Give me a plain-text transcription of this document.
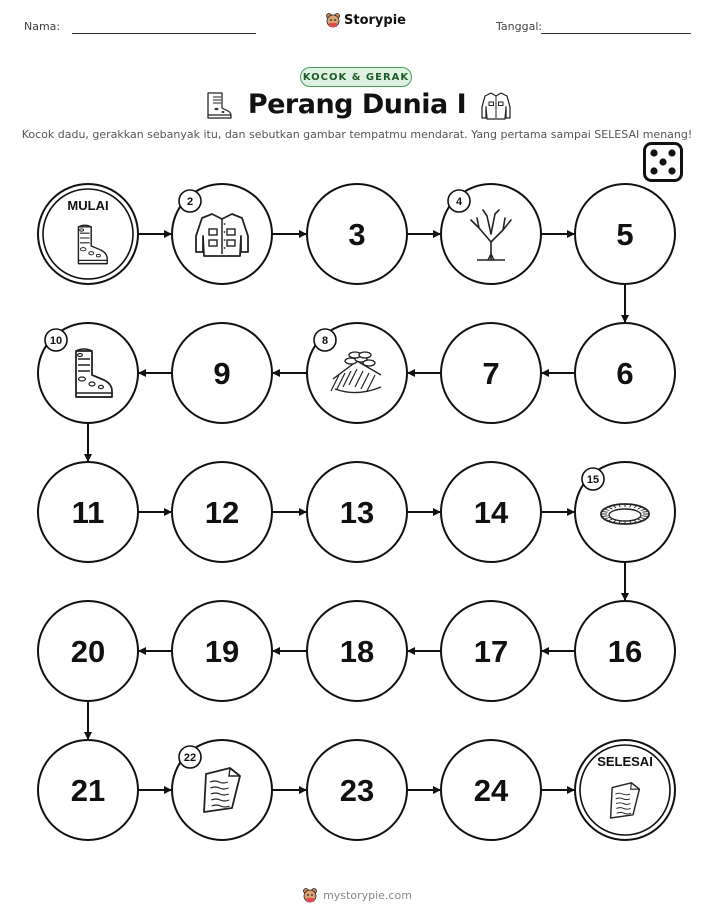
Nama:	Storypie	Tanggal:
KOCOK & GERAK
Perang Dunia I
Kocok dadu, gerakkan sebanyak itu, dan sebutkan gambar tempatmu mendarat. Yang pertama sampai SELESAI menang!
MULAI	2
3
4
5
6
7
8
9
10
11	12	13	14
15
16
17
18
19
20
21
22
23	24
SELESAI
mystorypie.com
